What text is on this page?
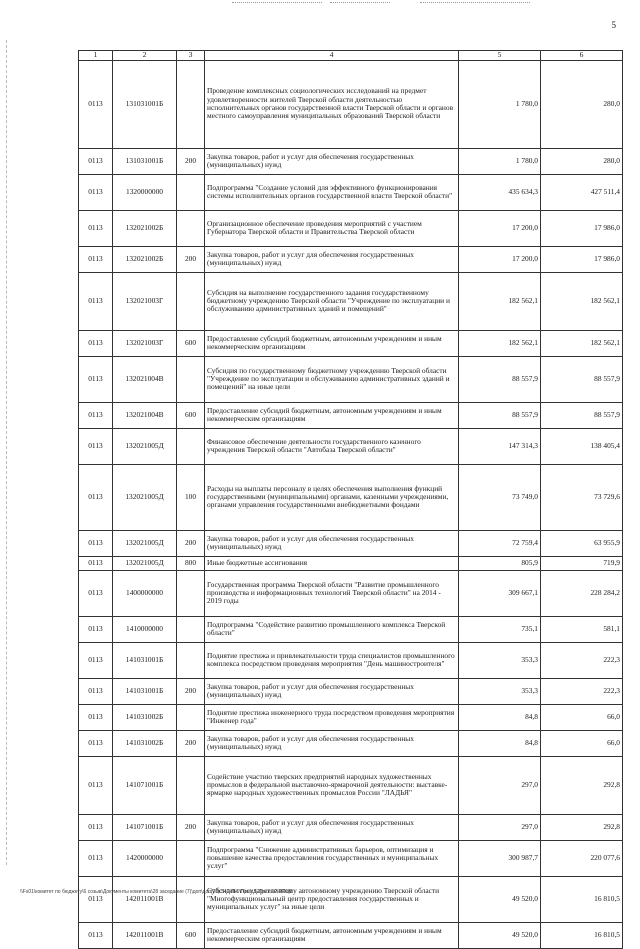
5
1	2	3	4	5	6
0113	131031001Б		Проведение комплексных социологических исследований на предмет удовлетворенности жителей Тверской области деятельностью исполнительных органов государственной власти Тверской области и органов местного самоуправления муниципальных образований Тверской области	1 780,0	280,0
0113	131031001Б	200	Закупка товаров, работ и услуг для обеспечения государственных (муниципальных) нужд	1 780,0	280,0
0113	1320000000		Подпрограмма "Создание условий для эффективного функционирования системы исполнительных органов государственной власти Тверской области"	435 634,3	427 511,4
0113	132021002Б		Организационное обеспечение проведения мероприятий с участием Губернатора Тверской области и Правительства Тверской области	17 200,0	17 986,0
0113	132021002Б	200	Закупка товаров, работ и услуг для обеспечения государственных (муниципальных) нужд	17 200,0	17 986,0
0113	132021003Г		Субсидия на выполнение государственного задания государственному бюджетному учреждению Тверской области "Учреждение по эксплуатации и обслуживанию административных зданий и помещений"	182 562,1	182 562,1
0113	132021003Г	600	Предоставление субсидий бюджетным, автономным учреждениям и иным некоммерческим организациям	182 562,1	182 562,1
0113	132021004В		Субсидия по государственному бюджетному учреждению Тверской области "Учреждение по эксплуатации и обслуживанию административных зданий и помещений" на иные цели	88 557,9	88 557,9
0113	132021004В	600	Предоставление субсидий бюджетным, автономным учреждениям и иным некоммерческим организациям	88 557,9	88 557,9
0113	132021005Д		Финансовое обеспечение деятельности государственного казенного учреждения Тверской области "Автобаза Тверской области"	147 314,3	138 405,4
0113	132021005Д	100	Расходы на выплаты персоналу в целях обеспечения выполнения функций государственными (муниципальными) органами, казенными учреждениями, органами управления государственными внебюджетными фондами	73 749,0	73 729,6
0113	132021005Д	200	Закупка товаров, работ и услуг для обеспечения государственных (муниципальных) нужд	72 759,4	63 955,9
0113	132021005Д	800	Иные бюджетные ассигнования	805,9	719,9
0113	1400000000		Государственная программа Тверской области "Развитие промышленного производства и информационных технологий Тверской области" на 2014 - 2019 годы	309 667,1	228 284,2
0113	1410000000		Подпрограмма "Содействие развитию промышленного комплекса Тверской области"	735,1	581,1
0113	141031001Б		Поднятие престижа и привлекательности труда специалистов промышленного комплекса посредством проведения мероприятия "День машиностроителя"	353,3	222,3
0113	141031001Б	200	Закупка товаров, работ и услуг для обеспечения государственных (муниципальных) нужд	353,3	222,3
0113	141031002Б		Поднятие престижа инженерного труда посредством проведения мероприятия "Инженер года"	84,8	66,0
0113	141031002Б	200	Закупка товаров, работ и услуг для обеспечения государственных (муниципальных) нужд	84,8	66,0
0113	141071001Б		Содействие участию тверских предприятий народных художественных промыслов в федеральной выставочно-ярмарочной деятельности: выставке-ярмарке народных художественных промыслов России "ЛАДЬЯ"	297,0	292,8
0113	141071001Б	200	Закупка товаров, работ и услуг для обеспечения государственных (муниципальных) нужд	297,0	292,8
0113	1420000000		Подпрограмма "Снижение административных барьеров, оптимизация и повышение качества предоставления государственных и муниципальных услуг"	300 987,7	220 077,6
0113	142011001В		Субсидии государственному автономному учреждению Тверской области "Многофункциональный центр предоставления государственных и муниципальных услуг" на иные цели	49 520,0	16 810,5
0113	142011001В	600	Предоставление субсидий бюджетным, автономным учреждениям и иным некоммерческим организациям	49 520,0	16 810,5
\\Fs01\комитет по бюджету\6 созыв\Документы комитета\28 заседание (7)\доп\доп(28) 542-П-6\Прил 5 Прил 12 РПЦВ
